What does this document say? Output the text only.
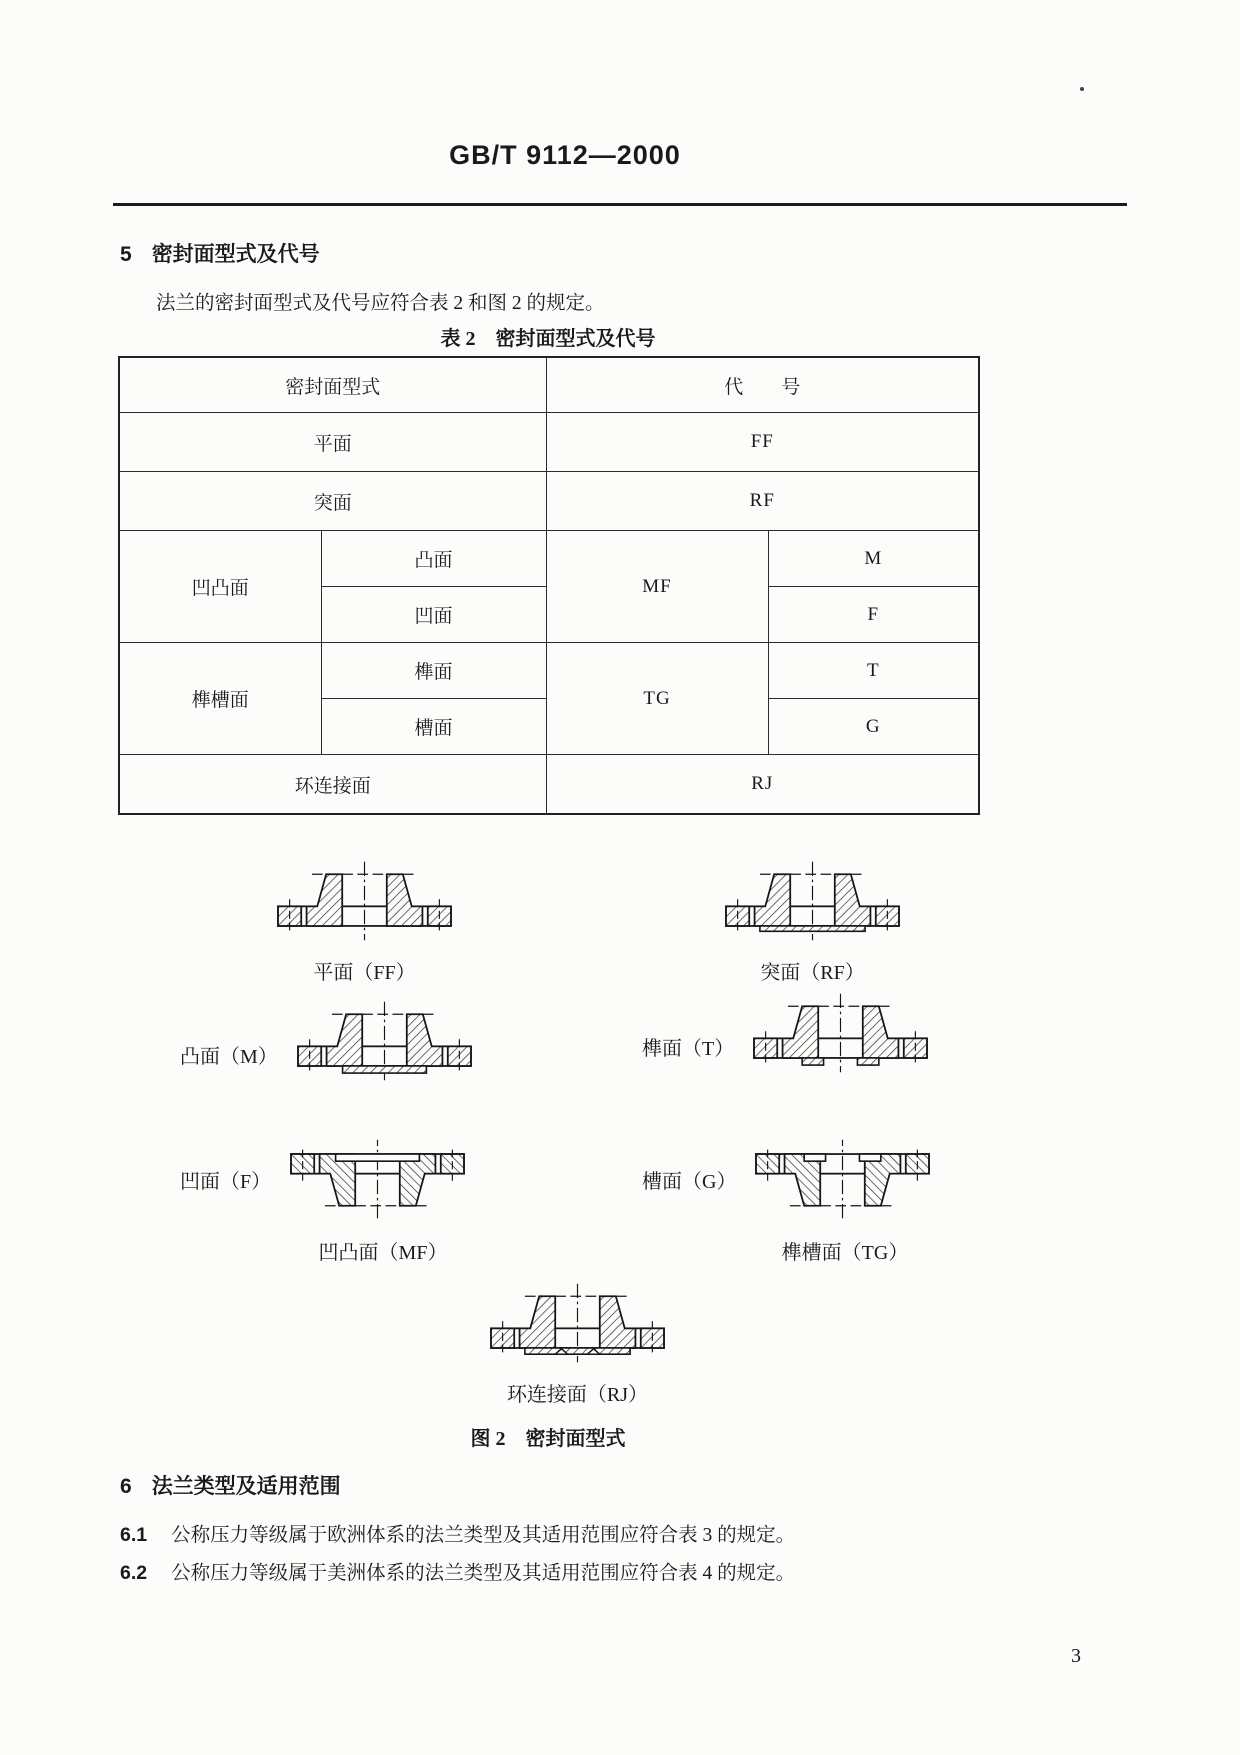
GB/T 9112—2000
5 密封面型式及代号

法兰的密封面型式及代号应符合表 2 和图 2 的规定。

表 2　密封面型式及代号
密封面型式		代　　号	
平面		FF	
突面		RF	
凹凸面	凸面	MF	M
	凹面		F
榫槽面	榫面	TG	T
	槽面		G
环连接面		RJ	
平面（FF）	突面（RF）
凸面（M）	榫面（T）
凹面（F）
凹凸面（MF）
槽面（G）
榫槽面（TG）
环连接面（RJ）
图 2　密封面型式
6 法兰类型及适用范围

6.1 公称压力等级属于欧洲体系的法兰类型及其适用范围应符合表 3 的规定。

6.2 公称压力等级属于美洲体系的法兰类型及其适用范围应符合表 4 的规定。

3
